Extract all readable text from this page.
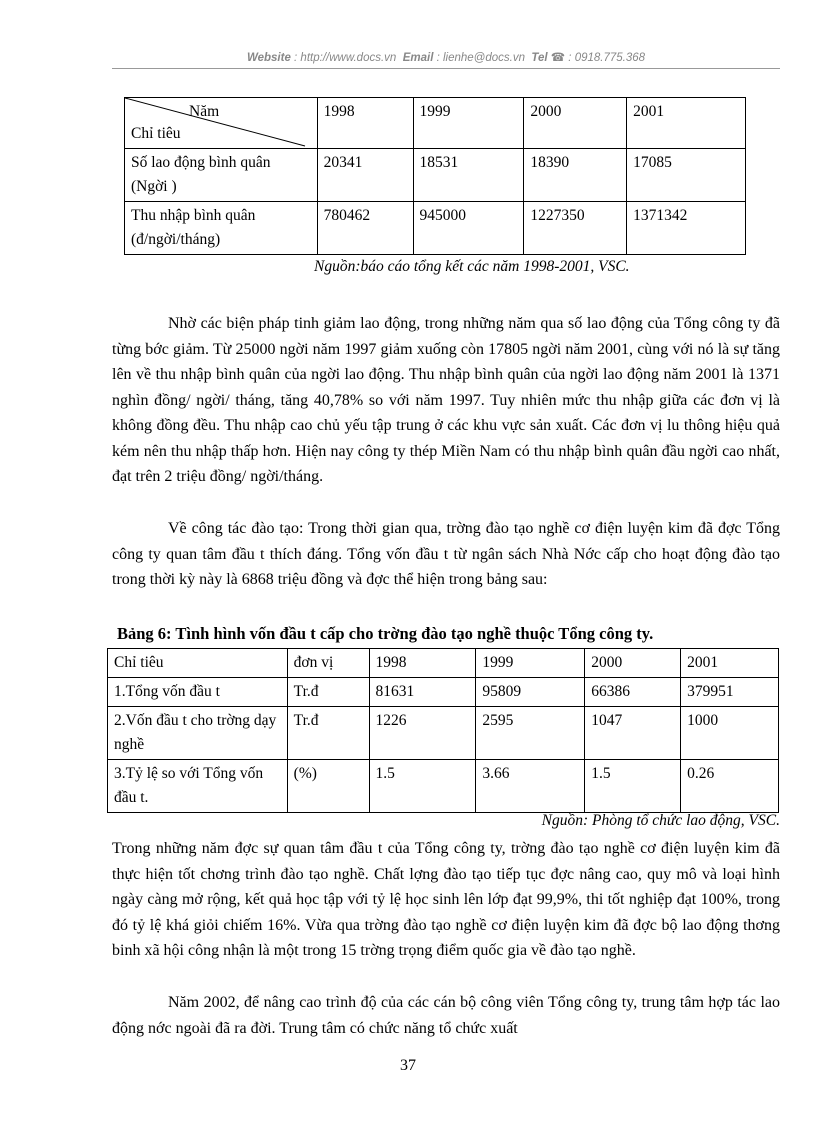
Website : http://www.docs.vn Email : lienhe@docs.vn Tel ☎ : 0918.775.368
Năm
Chỉ tiêu	1998	1999	2000	2001
Số lao động bình quân (Ngời )	20341	18531	18390	17085
Thu nhập bình quân (đ/ngời/tháng)	780462	945000	1227350	1371342
Nguồn:báo cáo tổng kết các năm 1998-2001, VSC.

Nhờ các biện pháp tinh giảm lao động, trong những năm qua số lao động của Tổng công ty đã từng bớc giảm. Từ 25000 ngời năm 1997 giảm xuống còn 17805 ngời năm 2001, cùng với nó là sự tăng lên về thu nhập bình quân của ngời lao động. Thu nhập bình quân của ngời lao động năm 2001 là 1371 nghìn đồng/ ngời/ tháng, tăng 40,78% so với năm 1997. Tuy nhiên mức thu nhập giữa các đơn vị là không đồng đều. Thu nhập cao chủ yếu tập trung ở các khu vực sản xuất. Các đơn vị lu thông hiệu quả kém nên thu nhập thấp hơn. Hiện nay công ty thép Miền Nam có thu nhập bình quân đầu ngời cao nhất, đạt trên 2 triệu đồng/ ngời/tháng.

Về công tác đào tạo: Trong thời gian qua, trờng đào tạo nghề cơ điện luyện kim đã đợc Tổng công ty quan tâm đầu t thích đáng. Tổng vốn đầu t từ ngân sách Nhà Nớc cấp cho hoạt động đào tạo trong thời kỳ này là 6868 triệu đồng và đợc thể hiện trong bảng sau:

Bảng 6: Tình hình vốn đầu t cấp cho trờng đào tạo nghề thuộc Tổng công ty.
Chỉ tiêu	đơn vị	1998	1999	2000	2001
1.Tổng vốn đầu t	Tr.đ	81631	95809	66386	379951
2.Vốn đầu t cho trờng dạy nghề	Tr.đ	1226	2595	1047	1000
3.Tỷ lệ so với Tổng vốn đầu t.	(%)	1.5	3.66	1.5	0.26
Nguồn: Phòng tổ chức lao động, VSC.

Trong những năm đợc sự quan tâm đầu t của Tổng công ty, trờng đào tạo nghề cơ điện luyện kim đã thực hiện tốt chơng trình đào tạo nghề. Chất lợng đào tạo tiếp tục đợc nâng cao, quy mô và loại hình ngày càng mở rộng, kết quả học tập với tỷ lệ học sinh lên lớp đạt 99,9%, thi tốt nghiệp đạt 100%, trong đó tỷ lệ khá giỏi chiếm 16%. Vừa qua trờng đào tạo nghề cơ điện luyện kim đã đợc bộ lao động thơng binh xã hội công nhận là một trong 15 trờng trọng điểm quốc gia về đào tạo nghề.

Năm 2002, để nâng cao trình độ của các cán bộ công viên Tổng công ty, trung tâm hợp tác lao động nớc ngoài đã ra đời. Trung tâm có chức năng tổ chức xuất

37
